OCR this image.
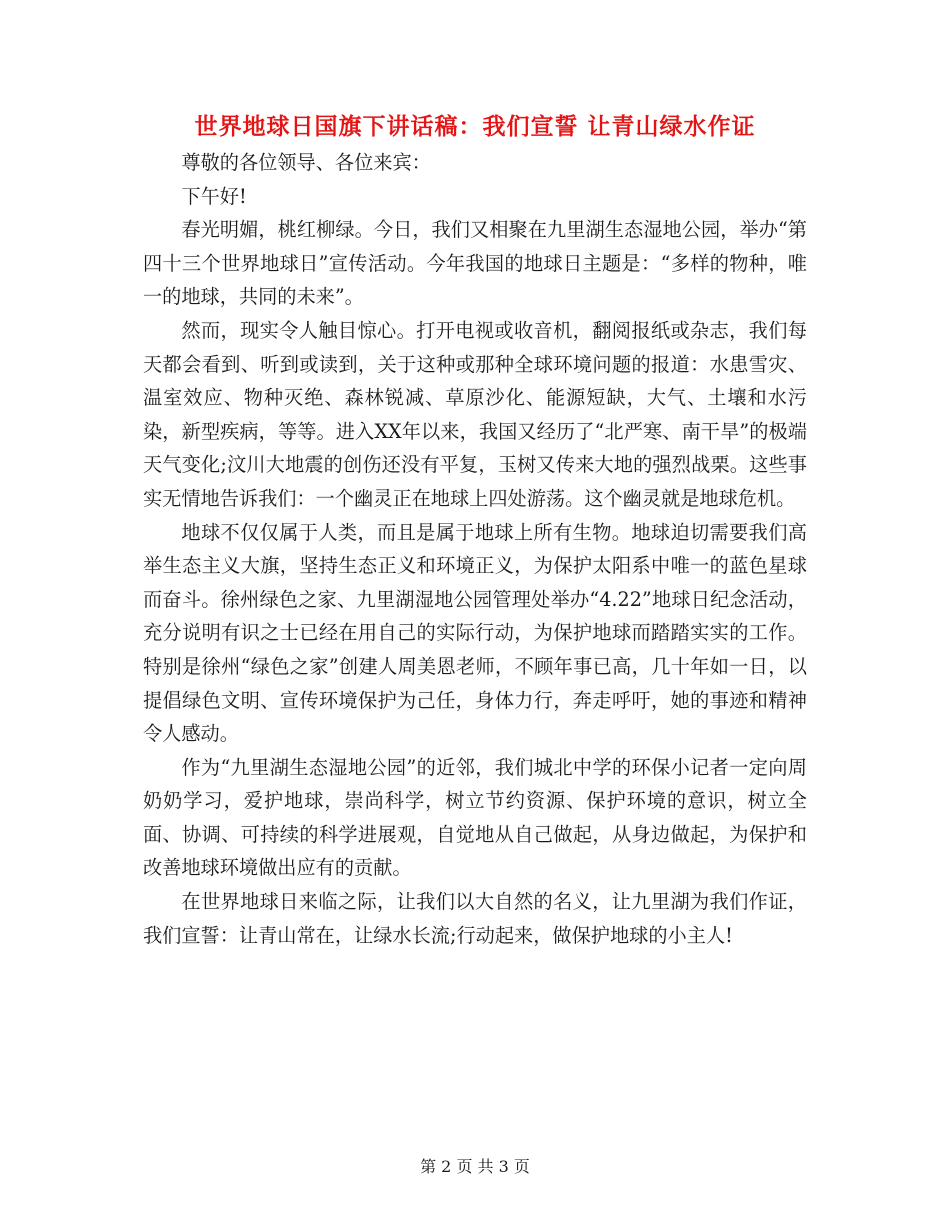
世界地球日国旗下讲话稿：我们宣誓 让青山绿水作证

尊敬的各位领导、各位来宾：

下午好!

春光明媚，桃红柳绿。今日，我们又相聚在九里湖生态湿地公园，举办“第四十三个世界地球日”宣传活动。今年我国的地球日主题是：“多样的物种，唯一的地球，共同的未来”。

然而，现实令人触目惊心。打开电视或收音机，翻阅报纸或杂志，我们每天都会看到、听到或读到，关于这种或那种全球环境问题的报道：水患雪灾、温室效应、物种灭绝、森林锐减、草原沙化、能源短缺，大气、土壤和水污染，新型疾病，等等。进入XX年以来，我国又经历了“北严寒、南干旱”的极端天气变化;汶川大地震的创伤还没有平复，玉树又传来大地的强烈战栗。这些事实无情地告诉我们：一个幽灵正在地球上四处游荡。这个幽灵就是地球危机。

地球不仅仅属于人类，而且是属于地球上所有生物。地球迫切需要我们高举生态主义大旗，坚持生态正义和环境正义，为保护太阳系中唯一的蓝色星球而奋斗。徐州绿色之家、九里湖湿地公园管理处举办“4.22”地球日纪念活动，充分说明有识之士已经在用自己的实际行动，为保护地球而踏踏实实的工作。特别是徐州“绿色之家”创建人周美恩老师，不顾年事已高，几十年如一日，以提倡绿色文明、宣传环境保护为己任，身体力行，奔走呼吁，她的事迹和精神令人感动。

作为“九里湖生态湿地公园”的近邻，我们城北中学的环保小记者一定向周奶奶学习，爱护地球，崇尚科学，树立节约资源、保护环境的意识，树立全面、协调、可持续的科学进展观，自觉地从自己做起，从身边做起，为保护和改善地球环境做出应有的贡献。

在世界地球日来临之际，让我们以大自然的名义，让九里湖为我们作证，我们宣誓：让青山常在，让绿水长流;行动起来，做保护地球的小主人!

第 2 页 共 3 页
